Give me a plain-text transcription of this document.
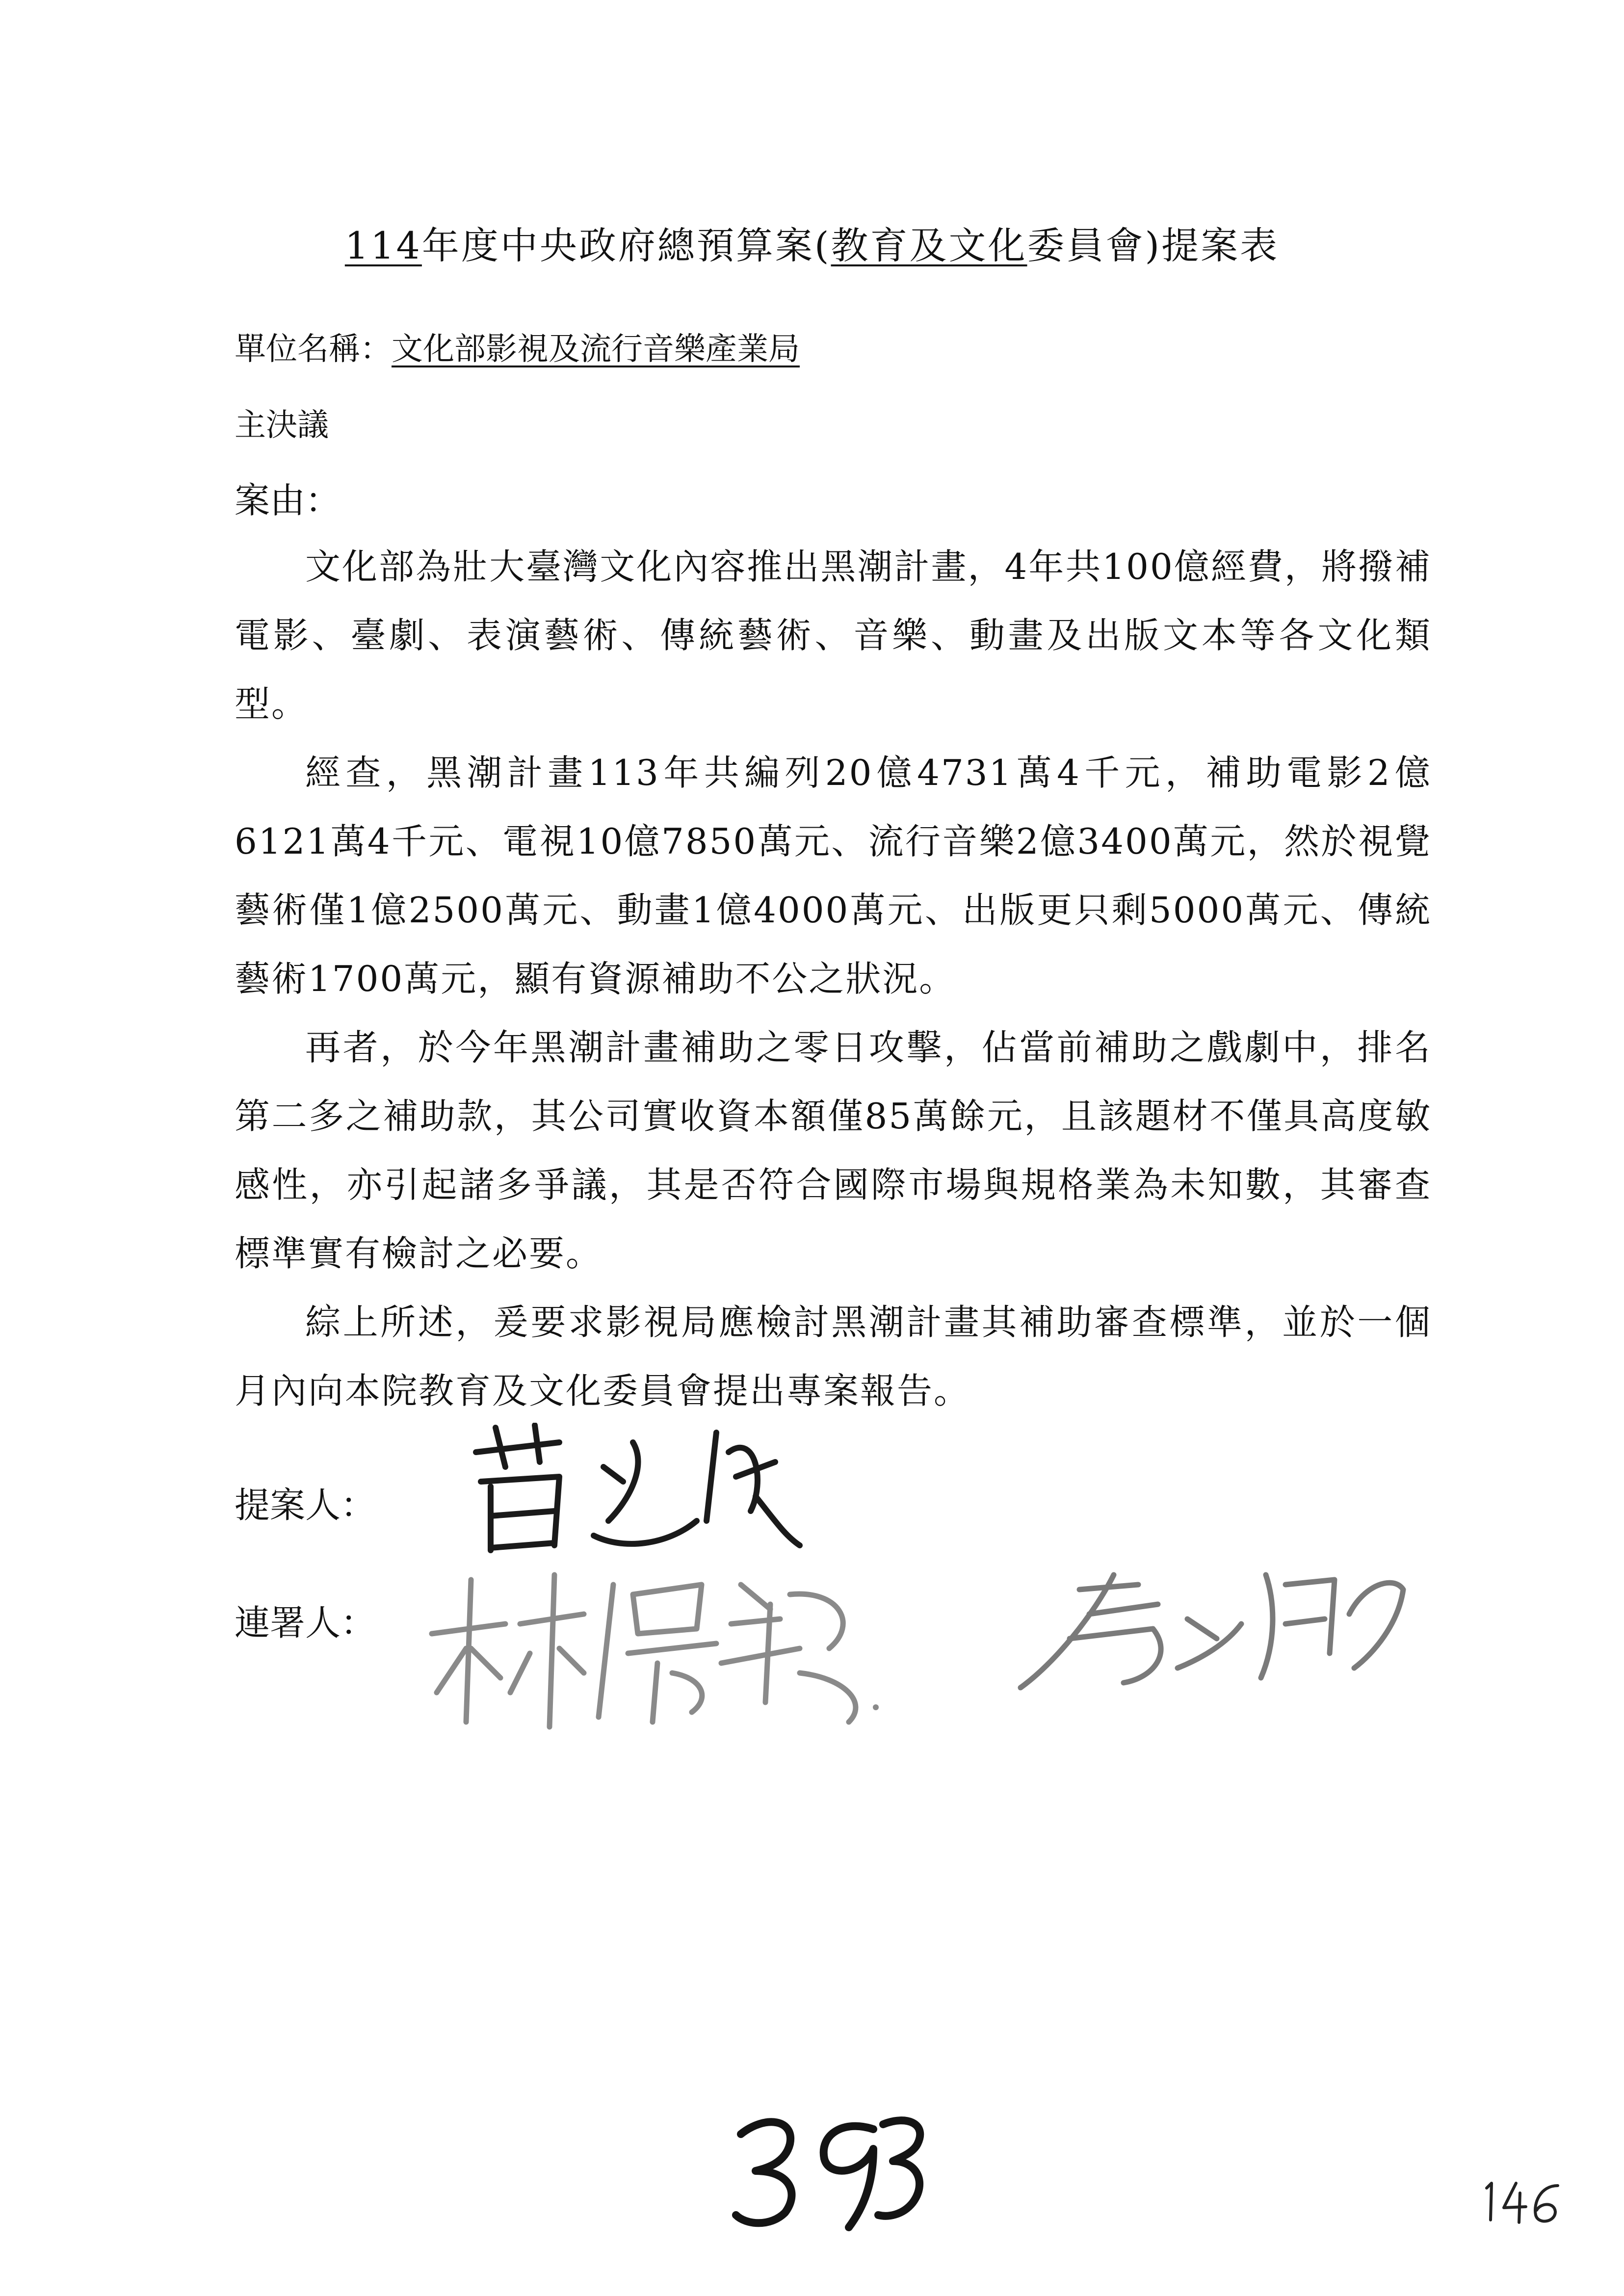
114年度中央政府總預算案(教育及文化委員會)提案表
單位名稱：文化部影視及流行音樂產業局
主決議
案由：

文化部為壯大臺灣文化內容推出黑潮計畫，4年共100億經費，將撥補電影、臺劇、表演藝術、傳統藝術、音樂、動畫及出版文本等各文化類型。

經查，黑潮計畫113年共編列20億4731萬4千元，補助電影2億6121萬4千元、電視10億7850萬元、流行音樂2億3400萬元，然於視覺藝術僅1億2500萬元、動畫1億4000萬元、出版更只剩5000萬元、傳統藝術1700萬元，顯有資源補助不公之狀況。

再者，於今年黑潮計畫補助之零日攻擊，佔當前補助之戲劇中，排名第二多之補助款，其公司實收資本額僅85萬餘元，且該題材不僅具高度敏感性，亦引起諸多爭議，其是否符合國際市場與規格業為未知數，其審查標準實有檢討之必要。

綜上所述，爰要求影視局應檢討黑潮計畫其補助審查標準，並於一個月內向本院教育及文化委員會提出專案報告。

提案人：
連署人：
